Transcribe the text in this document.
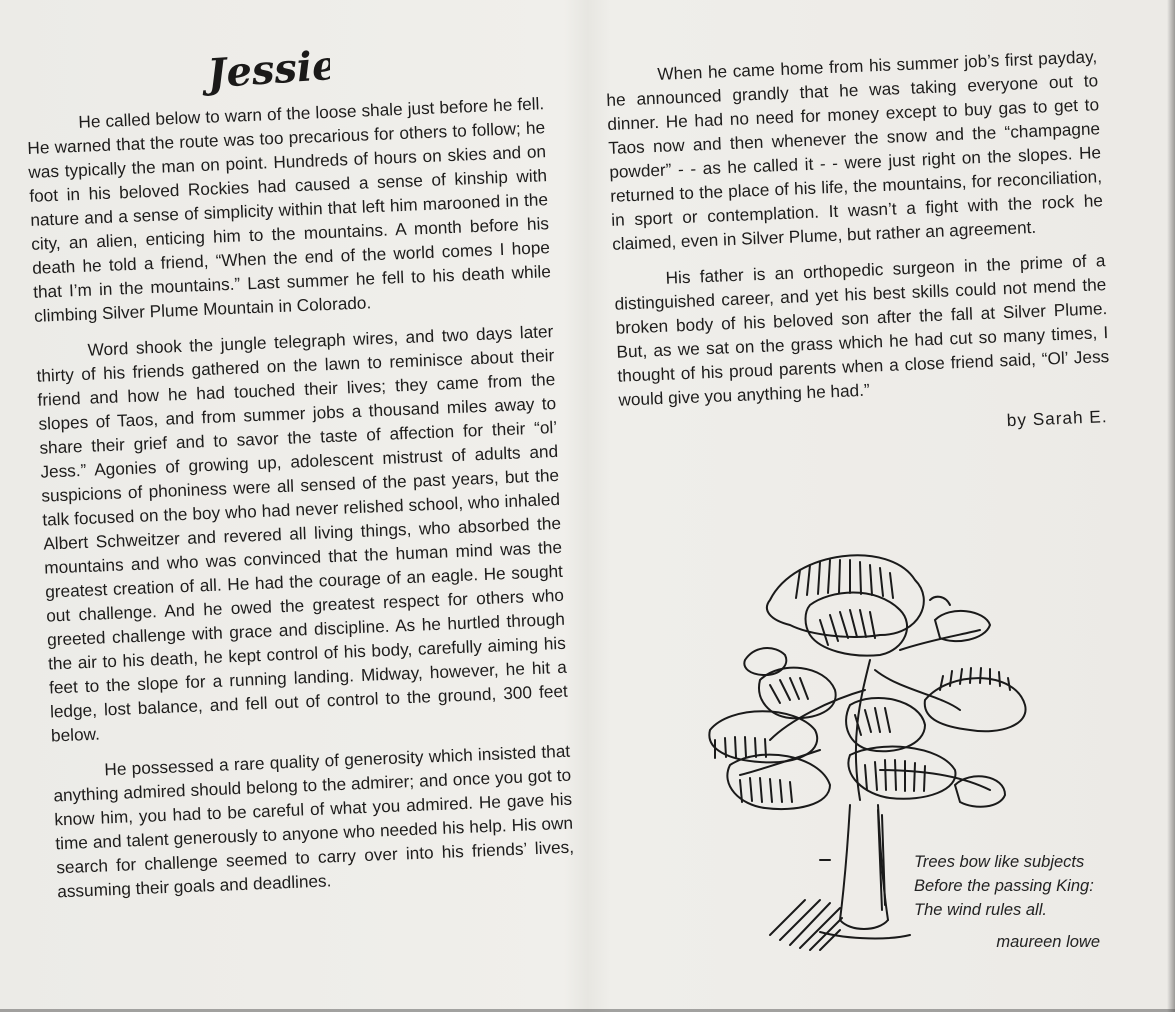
Jessie

He called below to warn of the loose shale just before he fell. He warned that the route was too precarious for others to follow; he was typically the man on point. Hundreds of hours on skies and on foot in his beloved Rockies had caused a sense of kinship with nature and a sense of simplicity within that left him marooned in the city, an alien, enticing him to the mountains. A month before his death he told a friend, “When the end of the world comes I hope that I’m in the mountains.” Last summer he fell to his death while climbing Silver Plume Mountain in Colorado.

Word shook the jungle telegraph wires, and two days later thirty of his friends gathered on the lawn to reminisce about their friend and how he had touched their lives; they came from the slopes of Taos, and from summer jobs a thousand miles away to share their grief and to savor the taste of affection for their “ol’ Jess.” Agonies of growing up, adolescent mistrust of adults and suspicions of phoniness were all sensed of the past years, but the talk focused on the boy who had never relished school, who inhaled Albert Schweitzer and revered all living things, who absorbed the mountains and who was convinced that the human mind was the greatest creation of all. He had the courage of an eagle. He sought out challenge. And he owed the greatest respect for others who greeted challenge with grace and discipline. As he hurtled through the air to his death, he kept control of his body, carefully aiming his feet to the slope for a running landing. Midway, however, he hit a ledge, lost balance, and fell out of control to the ground, 300 feet below.

He possessed a rare quality of generosity which insisted that anything admired should belong to the admirer; and once you got to know him, you had to be careful of what you admired. He gave his time and talent generously to anyone who needed his help. His own search for challenge seemed to carry over into his friends’ lives, assuming their goals and deadlines.

When he came home from his summer job’s first payday, he announced grandly that he was taking everyone out to dinner. He had no need for money except to buy gas to get to Taos now and then whenever the snow and the “champagne powder” - - as he called it - - were just right on the slopes. He returned to the place of his life, the mountains, for reconciliation, in sport or contemplation. It wasn’t a fight with the rock he claimed, even in Silver Plume, but rather an agreement.

His father is an orthopedic surgeon in the prime of a distinguished career, and yet his best skills could not mend the broken body of his beloved son after the fall at Silver Plume. But, as we sat on the grass which he had cut so many times, I thought of his proud parents when a close friend said, “Ol’ Jess would give you anything he had.”

by Sarah E.
Trees bow like subjects
Before the passing King:
The wind rules all.
maureen lowe
